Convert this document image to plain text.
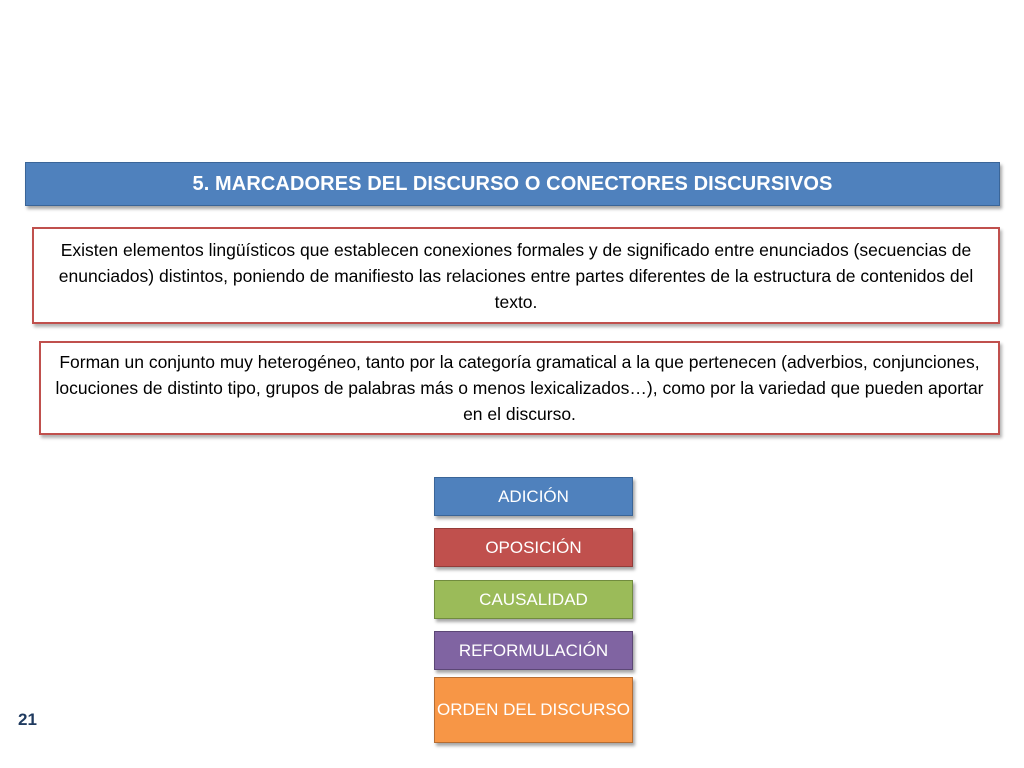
5. MARCADORES DEL DISCURSO O CONECTORES DISCURSIVOS
Existen elementos lingüísticos que establecen conexiones formales y de significado entre enunciados (secuencias de enunciados) distintos, poniendo de manifiesto las relaciones entre partes diferentes de la estructura de contenidos del texto.
Forman un conjunto muy heterogéneo, tanto por la categoría gramatical a la que pertenecen (adverbios, conjunciones, locuciones de distinto tipo, grupos de palabras más o menos lexicalizados…), como por la variedad que pueden aportar en el discurso.
ADICIÓN
OPOSICIÓN
CAUSALIDAD
REFORMULACIÓN
ORDEN DEL DISCURSO
21
